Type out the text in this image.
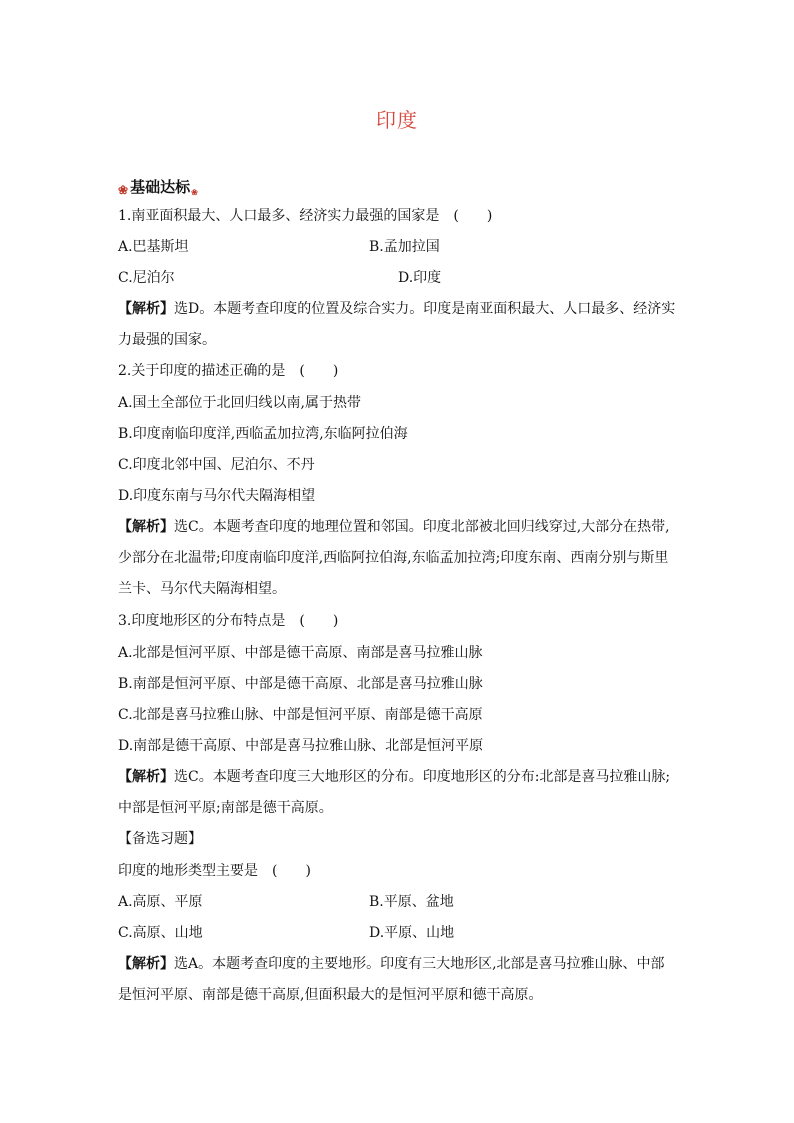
印度
❀ 基础达标 ❀
1.南亚面积最大、人口最多、经济实力最强的国家是　(　　)
A.巴基斯坦	B.孟加拉国
C.尼泊尔	D.印度
【解析】选D。本题考查印度的位置及综合实力。印度是南亚面积最大、人口最多、经济实
力最强的国家。
2.关于印度的描述正确的是　(　　)
A.国土全部位于北回归线以南,属于热带
B.印度南临印度洋,西临孟加拉湾,东临阿拉伯海
C.印度北邻中国、尼泊尔、不丹
D.印度东南与马尔代夫隔海相望
【解析】选C。本题考查印度的地理位置和邻国。印度北部被北回归线穿过,大部分在热带,
少部分在北温带;印度南临印度洋,西临阿拉伯海,东临孟加拉湾;印度东南、西南分别与斯里
兰卡、马尔代夫隔海相望。
3.印度地形区的分布特点是　(　　)
A.北部是恒河平原、中部是德干高原、南部是喜马拉雅山脉
B.南部是恒河平原、中部是德干高原、北部是喜马拉雅山脉
C.北部是喜马拉雅山脉、中部是恒河平原、南部是德干高原
D.南部是德干高原、中部是喜马拉雅山脉、北部是恒河平原
【解析】选C。本题考查印度三大地形区的分布。印度地形区的分布:北部是喜马拉雅山脉;
中部是恒河平原;南部是德干高原。
【备选习题】
印度的地形类型主要是　(　　)
A.高原、平原	B.平原、盆地
C.高原、山地	D.平原、山地
【解析】选A。本题考查印度的主要地形。印度有三大地形区,北部是喜马拉雅山脉、中部
是恒河平原、南部是德干高原,但面积最大的是恒河平原和德干高原。
